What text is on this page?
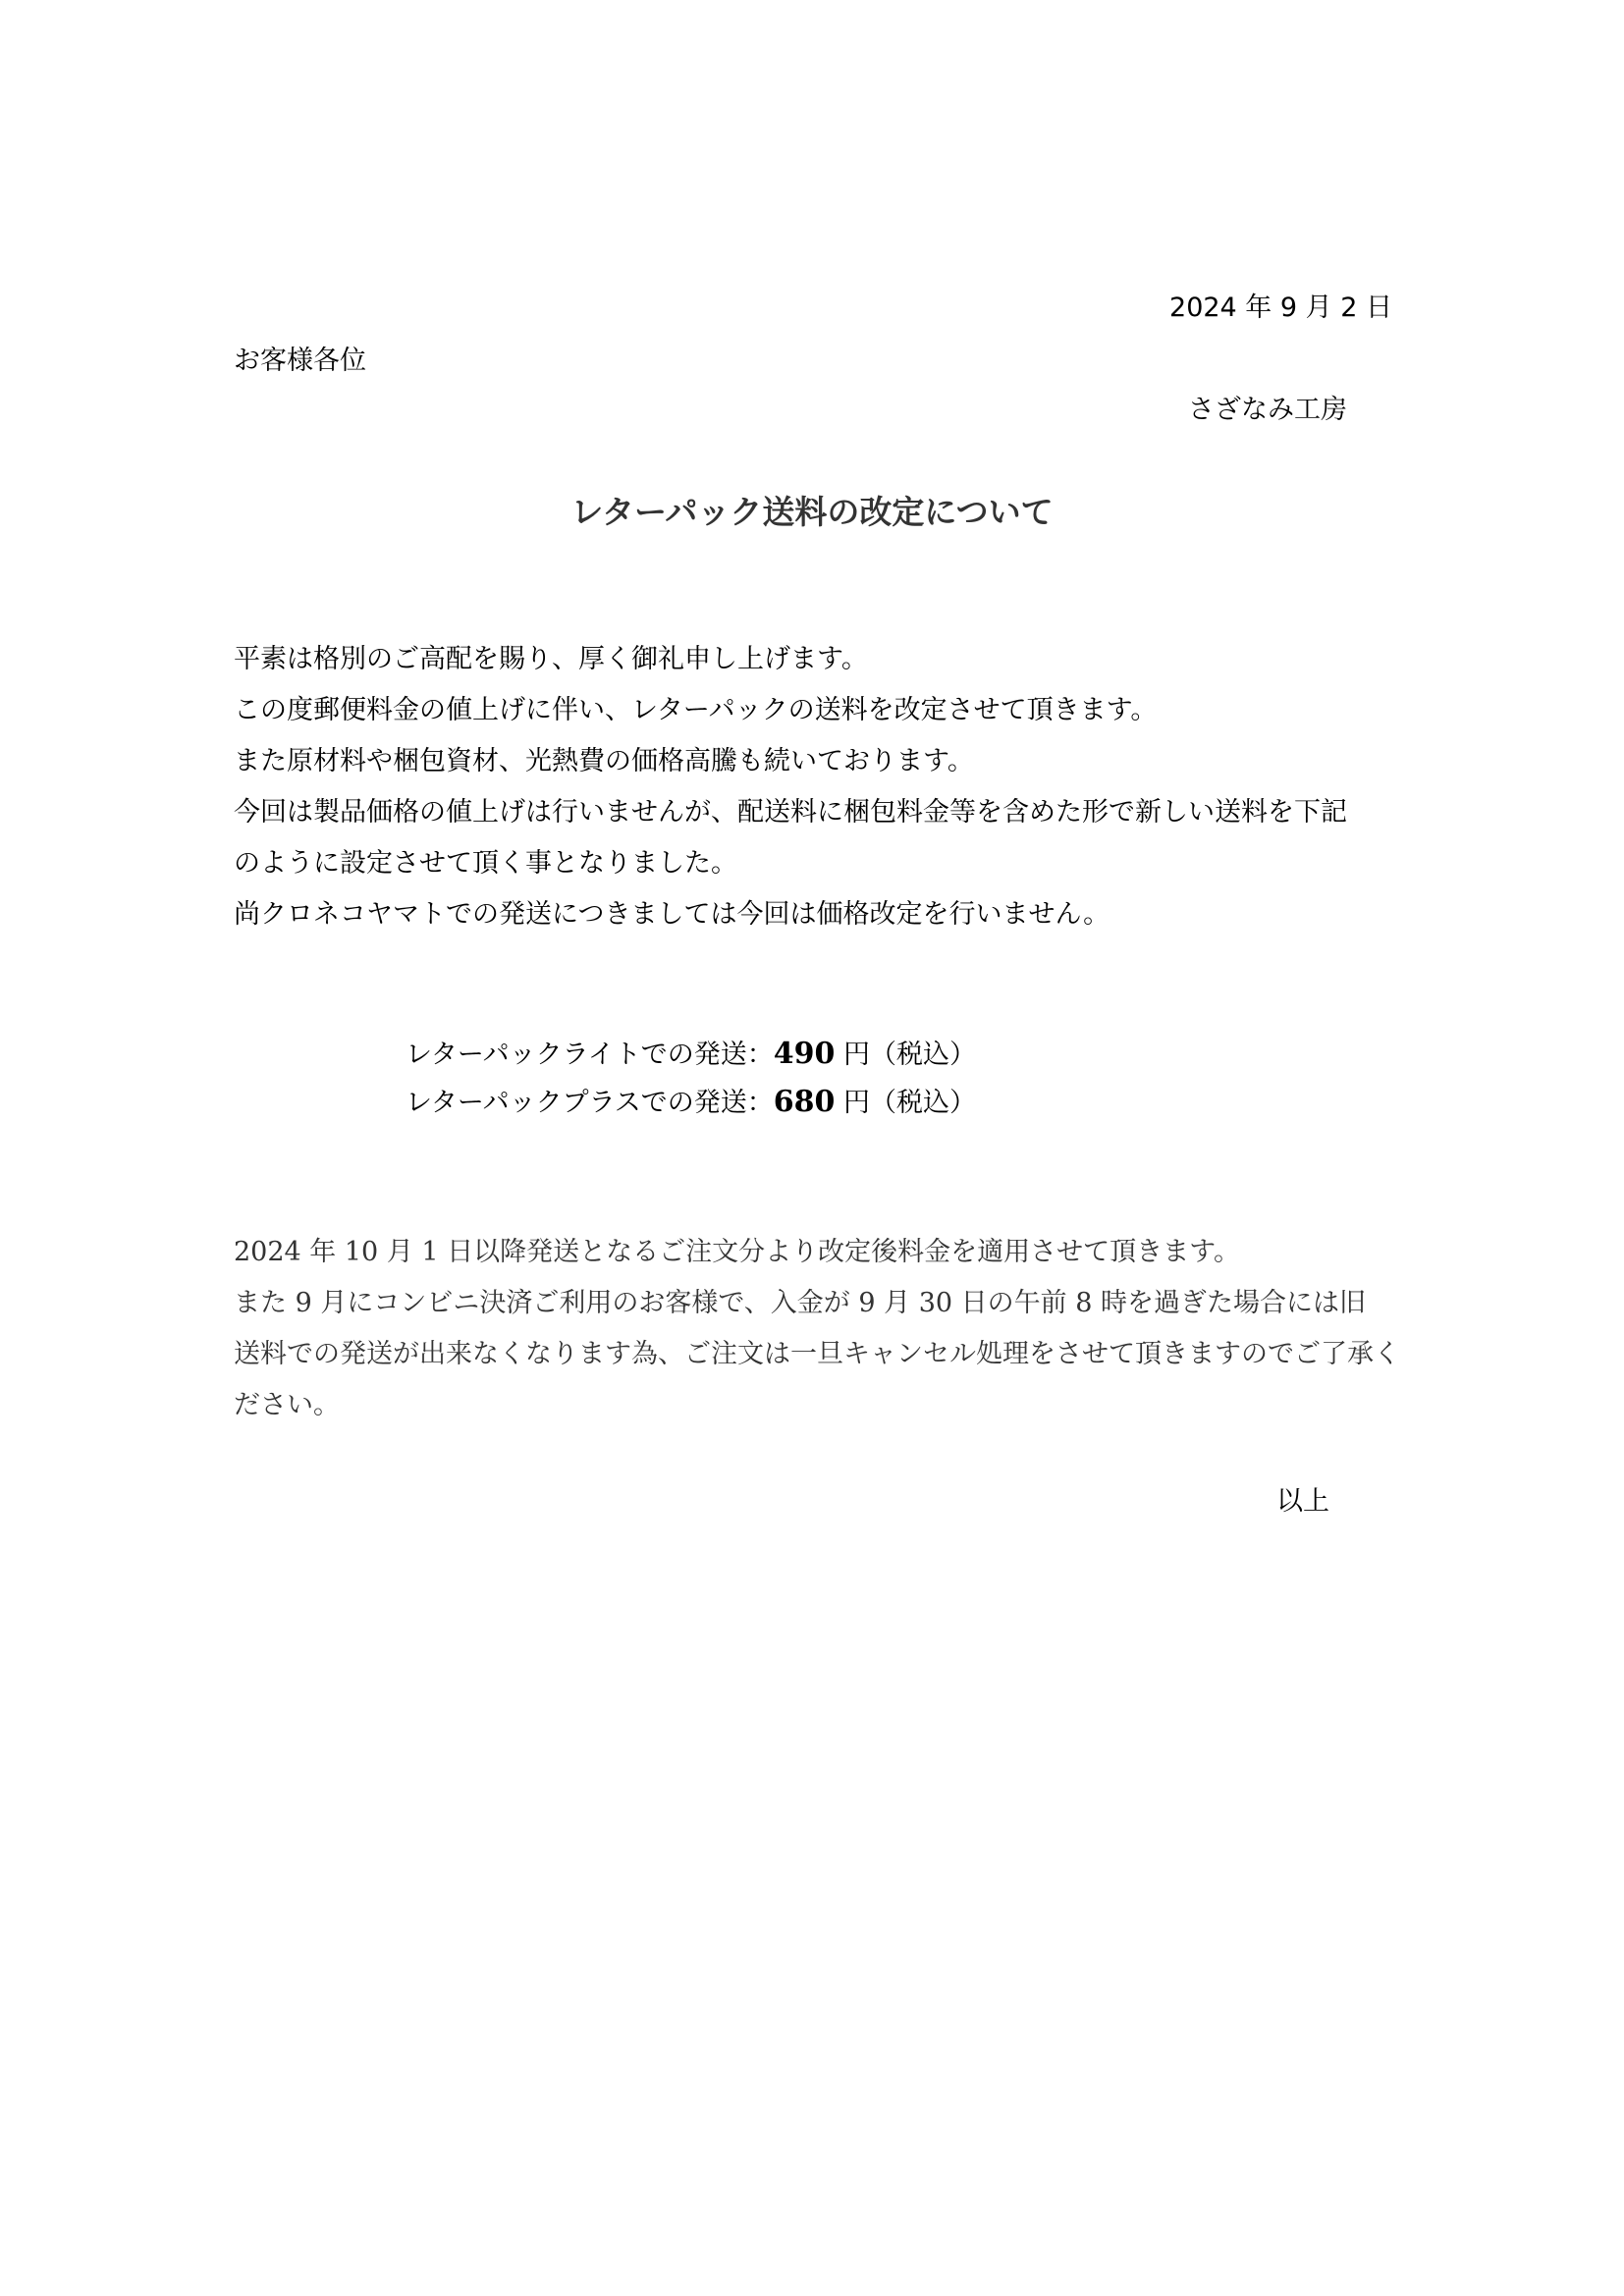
2024 年 9 月 2 日
お客様各位
さざなみ工房
レターパック送料の改定について

平素は格別のご高配を賜り、厚く御礼申し上げます。

この度郵便料金の値上げに伴い、レターパックの送料を改定させて頂きます。

また原材料や梱包資材、光熱費の価格高騰も続いております。

今回は製品価格の値上げは行いませんが、配送料に梱包料金等を含めた形で新しい送料を下記

のように設定させて頂く事となりました。

尚クロネコヤマトでの発送につきましては今回は価格改定を行いません。

レターパックライトでの発送：490 円（税込）

レターパックプラスでの発送：680 円（税込）

2024 年 10 月 1 日以降発送となるご注文分より改定後料金を適用させて頂きます。

また 9 月にコンビニ決済ご利用のお客様で、入金が 9 月 30 日の午前 8 時を過ぎた場合には旧

送料での発送が出来なくなります為、ご注文は一旦キャンセル処理をさせて頂きますのでご了承く

ださい。

以上
